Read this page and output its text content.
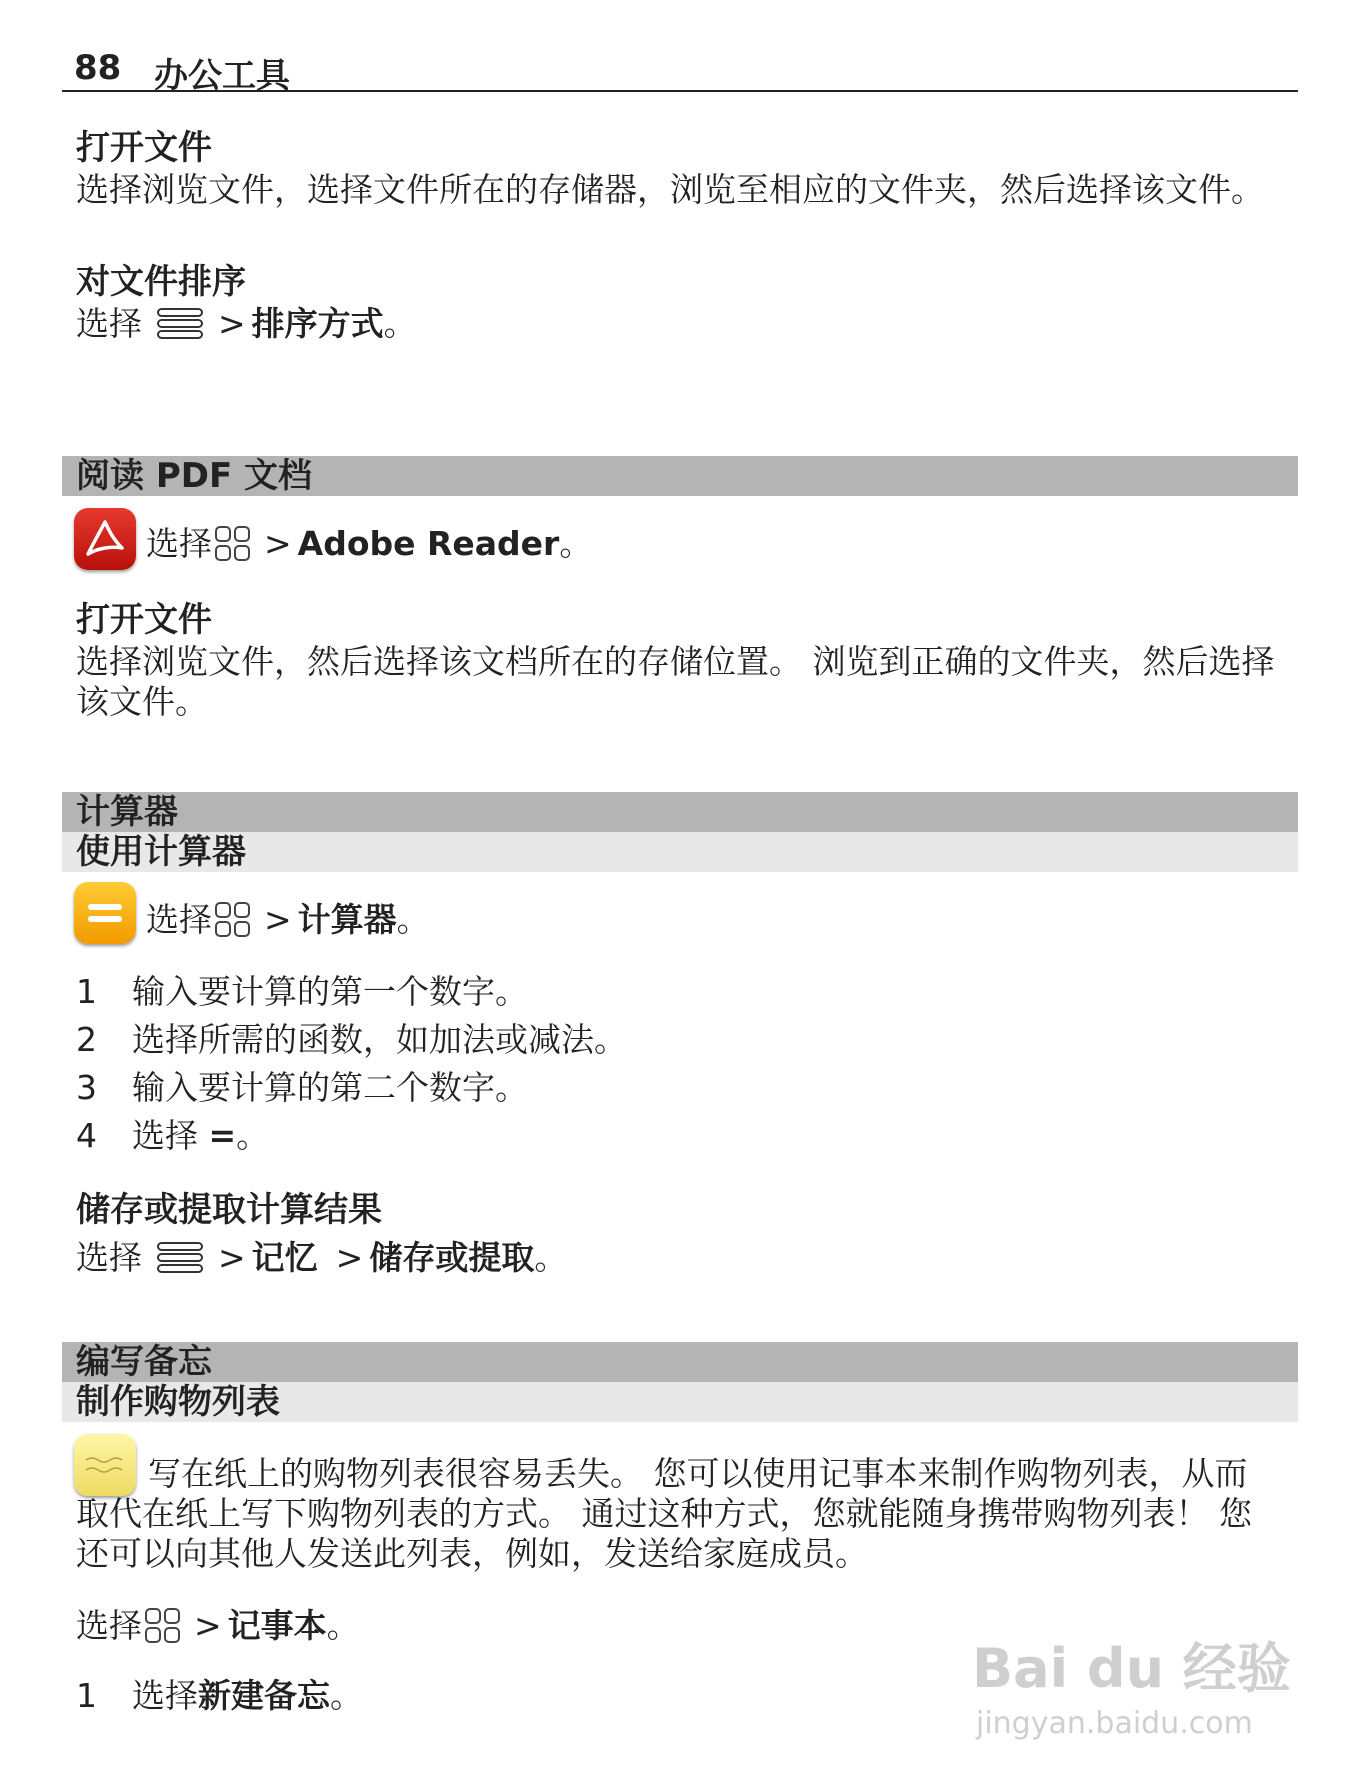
88 办公工具
打开文件
选择浏览文件，选择文件所在的存储器，浏览至相应的文件夹，然后选择该文件。
对文件排序
选择 > 排序方式 。
阅读 PDF 文档
选择 > Adobe Reader 。
打开文件
选择浏览文件，然后选择该文档所在的存储位置。 浏览到正确的文件夹，然后选择该文件。
计算器
使用计算器
选择 > 计算器 。
1	输入要计算的第一个数字。
2	选择所需的函数，如加法或减法。
3	输入要计算的第二个数字。
4	选择 = 。
储存或提取计算结果
选择 > 记忆 > 储存或提取 。
编写备忘
制作购物列表
写在纸上的购物列表很容易丢失。 您可以使用记事本来制作购物列表，从而取代在纸上写下购物列表的方式。 通过这种方式，您就能随身携带购物列表！ 您还可以向其他人发送此列表，例如，发送给家庭成员。
选择 > 记事本 。
1	选择 新建备忘 。	Bai du 经验
jingyan.baidu.com
